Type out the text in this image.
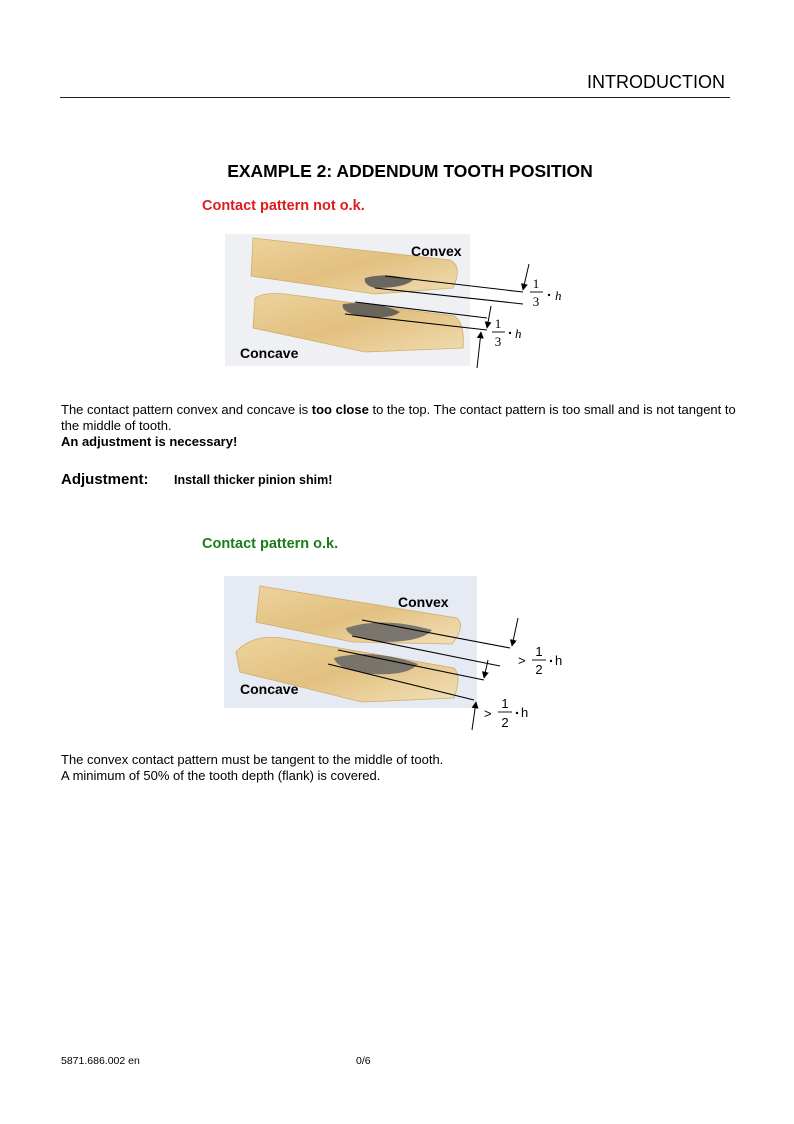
INTRODUCTION
EXAMPLE 2: ADDENDUM TOOTH POSITION
Contact pattern not o.k.
Convex
Concave
1
3 h
1
3
h
The contact pattern convex and concave is too close to the top. The contact pattern is too small and is not tangent to the middle of tooth.
An adjustment is necessary!
Adjustment: Install thicker pinion shim!
Contact pattern o.k.
Convex
Concave
>
1
2
h
>
1
2
h
The convex contact pattern must be tangent to the middle of tooth.
A minimum of 50% of the tooth depth (flank) is covered.
5871.686.002 en	0/6
